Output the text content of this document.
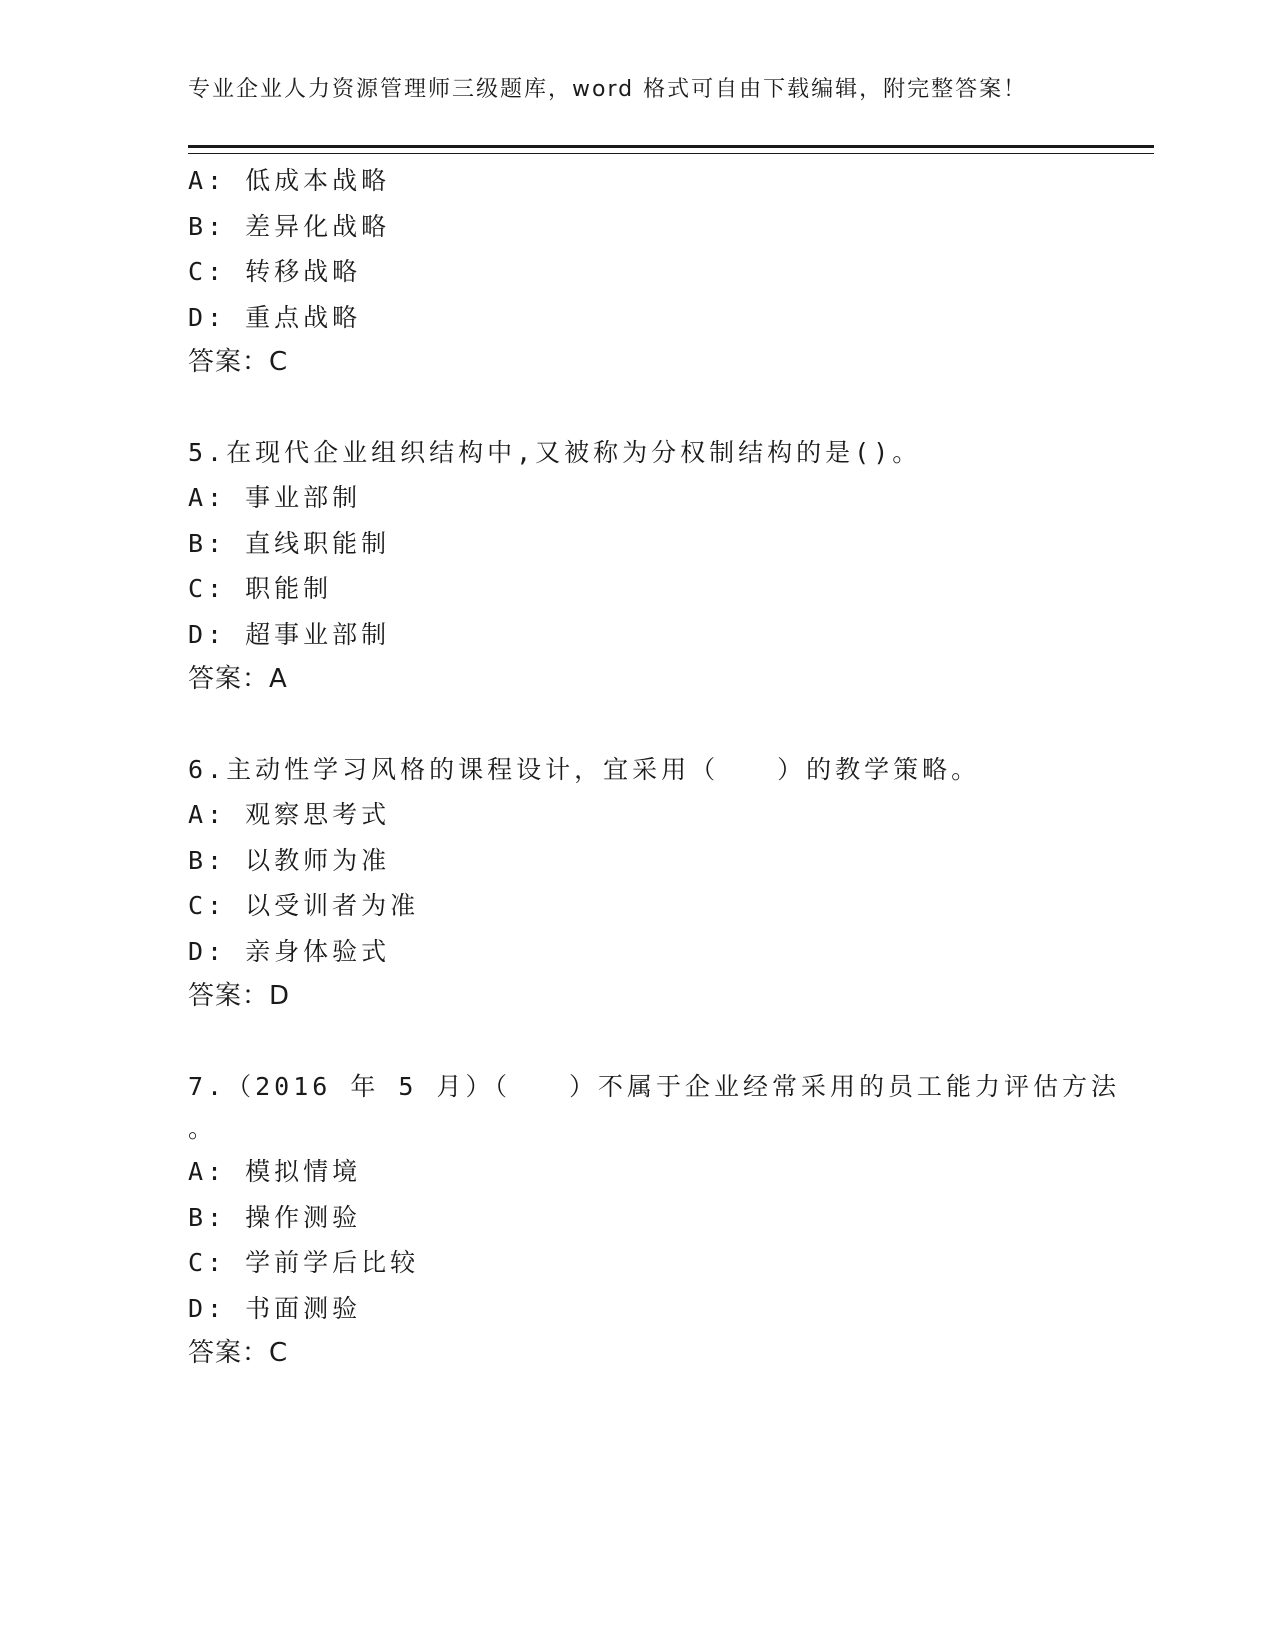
专业企业人力资源管理师三级题库，word 格式可自由下载编辑，附完整答案！
A: 低成本战略
B: 差异化战略
C: 转移战略
D: 重点战略
答案：C
5.在现代企业组织结构中,又被称为分权制结构的是()。
A: 事业部制
B: 直线职能制
C: 职能制
D: 超事业部制
答案：A
6.主动性学习风格的课程设计，宜采用（　　）的教学策略。
A: 观察思考式
B: 以教师为准
C: 以受训者为准
D: 亲身体验式
答案：D
7.（2016 年 5 月）（　　）不属于企业经常采用的员工能力评估方法
。
A: 模拟情境
B: 操作测验
C: 学前学后比较
D: 书面测验
答案：C
